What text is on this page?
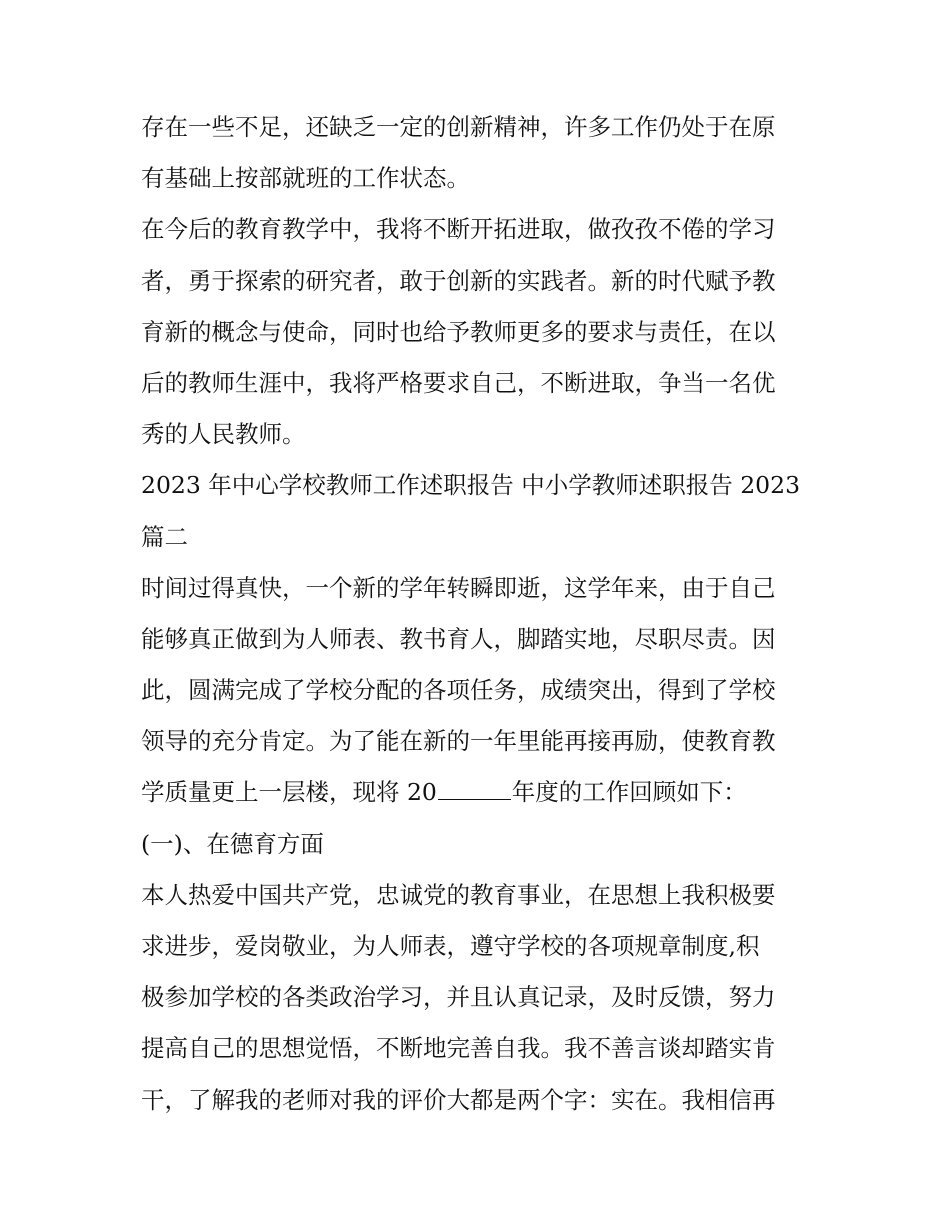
存在一些不足，还缺乏一定的创新精神，许多工作仍处于在原
有基础上按部就班的工作状态。
在今后的教育教学中，我将不断开拓进取，做孜孜不倦的学习
者，勇于探索的研究者，敢于创新的实践者。新的时代赋予教
育新的概念与使命，同时也给予教师更多的要求与责任，在以
后的教师生涯中，我将严格要求自己，不断进取，争当一名优
秀的人民教师。
2023 年中心学校教师工作述职报告 中小学教师述职报告 2023
篇二
时间过得真快，一个新的学年转瞬即逝，这学年来，由于自己
能够真正做到为人师表、教书育人，脚踏实地，尽职尽责。因
此，圆满完成了学校分配的各项任务，成绩突出，得到了学校
领导的充分肯定。为了能在新的一年里能再接再励，使教育教
学质量更上一层楼，现将 20	年度的工作回顾如下：
(一)、在德育方面
本人热爱中国共产党，忠诚党的教育事业，在思想上我积极要
求进步，爱岗敬业，为人师表，遵守学校的各项规章制度,积
极参加学校的各类政治学习，并且认真记录，及时反馈，努力
提高自己的思想觉悟，不断地完善自我。我不善言谈却踏实肯
干，了解我的老师对我的评价大都是两个字：实在。我相信再
